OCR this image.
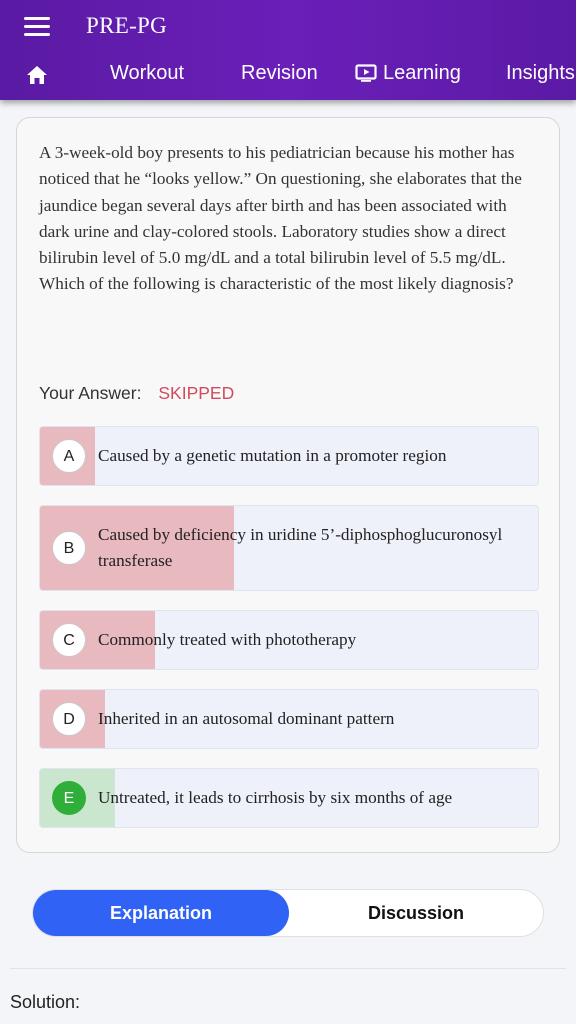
PRE-PG
Workout	Revision	Learning Insights
A 3-week-old boy presents to his pediatrician because his mother has noticed that he “looks yellow.” On questioning, she elaborates that the jaundice began several days after birth and has been associated with dark urine and clay-colored stools. Laboratory studies show a direct bilirubin level of 5.0 mg/dL and a total bilirubin level of 5.5 mg/dL. Which of the following is characteristic of the most likely diagnosis?
Your Answer: SKIPPED
A	Caused by a genetic mutation in a promoter region
B
Caused by deficiency in uridine 5’-diphosphoglucuronosyl transferase
C	Commonly treated with phototherapy
D	Inherited in an autosomal dominant pattern
E	Untreated, it leads to cirrhosis by six months of age
Explanation	Discussion
Solution:
